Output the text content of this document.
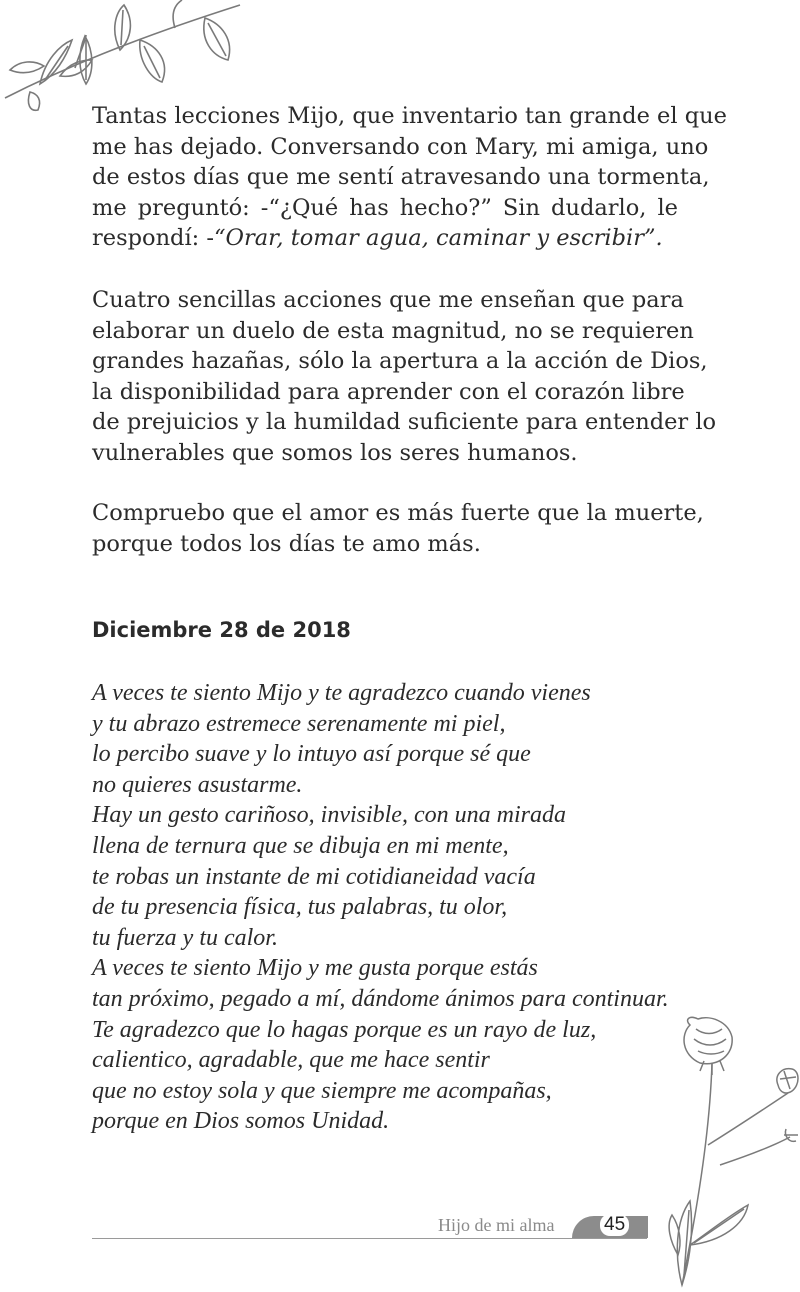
Tantas lecciones Mijo, que inventario tan grande el que
me has dejado. Conversando con Mary, mi amiga, uno
de estos días que me sentí atravesando una tormenta,
me preguntó: -“¿Qué has hecho?” Sin dudarlo, le
respondí: -“Orar, tomar agua, caminar y escribir”.
Cuatro sencillas acciones que me enseñan que para
elaborar un duelo de esta magnitud, no se requieren
grandes hazañas, sólo la apertura a la acción de Dios,
la disponibilidad para aprender con el corazón libre
de prejuicios y la humildad suficiente para entender lo
vulnerables que somos los seres humanos.
Compruebo que el amor es más fuerte que la muerte,
porque todos los días te amo más.
Diciembre 28 de 2018
A veces te siento Mijo y te agradezco cuando vienes
y tu abrazo estremece serenamente mi piel,
lo percibo suave y lo intuyo así porque sé que
no quieres asustarme.
Hay un gesto cariñoso, invisible, con una mirada
llena de ternura que se dibuja en mi mente,
te robas un instante de mi cotidianeidad vacía
de tu presencia física, tus palabras, tu olor,
tu fuerza y tu calor.
A veces te siento Mijo y me gusta porque estás
tan próximo, pegado a mí, dándome ánimos para continuar.
Te agradezco que lo hagas porque es un rayo de luz,
calientico, agradable, que me hace sentir
que no estoy sola y que siempre me acompañas,
porque en Dios somos Unidad.
Hijo de mi alma	45
